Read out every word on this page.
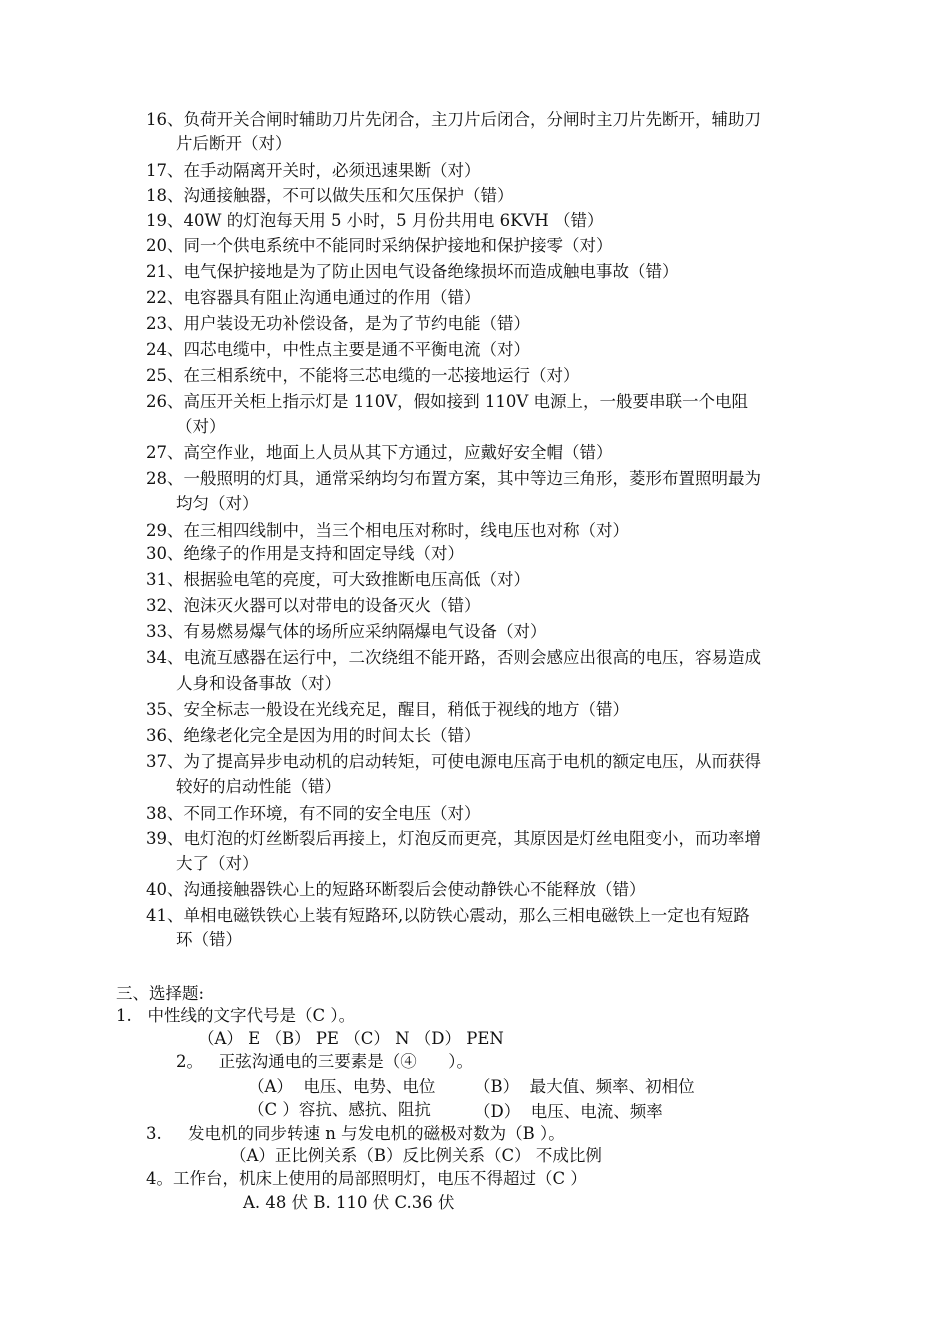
16、负荷开关合闸时辅助刀片先闭合，主刀片后闭合，分闸时主刀片先断开，辅助刀
片后断开（对）
17、在手动隔离开关时，必须迅速果断（对）
18、沟通接触器，不可以做失压和欠压保护（错）
19、40W 的灯泡每天用 5 小时，5 月份共用电 6KVH （错）
20、同一个供电系统中不能同时采纳保护接地和保护接零（对）
21、电气保护接地是为了防止因电气设备绝缘损坏而造成触电事故（错）
22、电容器具有阻止沟通电通过的作用（错）
23、用户装设无功补偿设备，是为了节约电能（错）
24、四芯电缆中，中性点主要是通不平衡电流（对）
25、在三相系统中，不能将三芯电缆的一芯接地运行（对）
26、高压开关柜上指示灯是 110V，假如接到 110V 电源上，一般要串联一个电阻
（对）
27、高空作业，地面上人员从其下方通过，应戴好安全帽（错）
28、一般照明的灯具，通常采纳均匀布置方案，其中等边三角形，菱形布置照明最为
均匀（对）
29、在三相四线制中，当三个相电压对称时，线电压也对称（对）
30、绝缘子的作用是支持和固定导线（对）
31、根据验电笔的亮度，可大致推断电压高低（对）
32、泡沫灭火器可以对带电的设备灭火（错）
33、有易燃易爆气体的场所应采纳隔爆电气设备（对）
34、电流互感器在运行中，二次绕组不能开路，否则会感应出很高的电压，容易造成
人身和设备事故（对）
35、安全标志一般设在光线充足，醒目，稍低于视线的地方（错）
36、绝缘老化完全是因为用的时间太长（错）
37、为了提高异步电动机的启动转矩，可使电源电压高于电机的额定电压，从而获得
较好的启动性能（错）
38、不同工作环境，有不同的安全电压（对）
39、电灯泡的灯丝断裂后再接上，灯泡反而更亮，其原因是灯丝电阻变小，而功率增
大了（对）
40、沟通接触器铁心上的短路环断裂后会使动静铁心不能释放（错）
41、单相电磁铁铁心上装有短路环,以防铁心震动，那么三相电磁铁上一定也有短路
环（错）
三、选择题:
1.   中性线的文字代号是（C ）。
（A） E （B） PE （C） N （D） PEN
2。   正弦沟通电的三要素是（④      ）。
（A）  电压、电势、电位 （B）  最大值、频率、初相位
（C ）容抗、感抗、阻抗	（D）  电压、电流、频率
3.     发电机的同步转速 n 与发电机的磁极对数为（B ）。
（A）正比例关系（B）反比例关系（C） 不成比例
4。工作台，机床上使用的局部照明灯，电压不得超过（C ）
A. 48 伏 B. 110 伏 C.36 伏
